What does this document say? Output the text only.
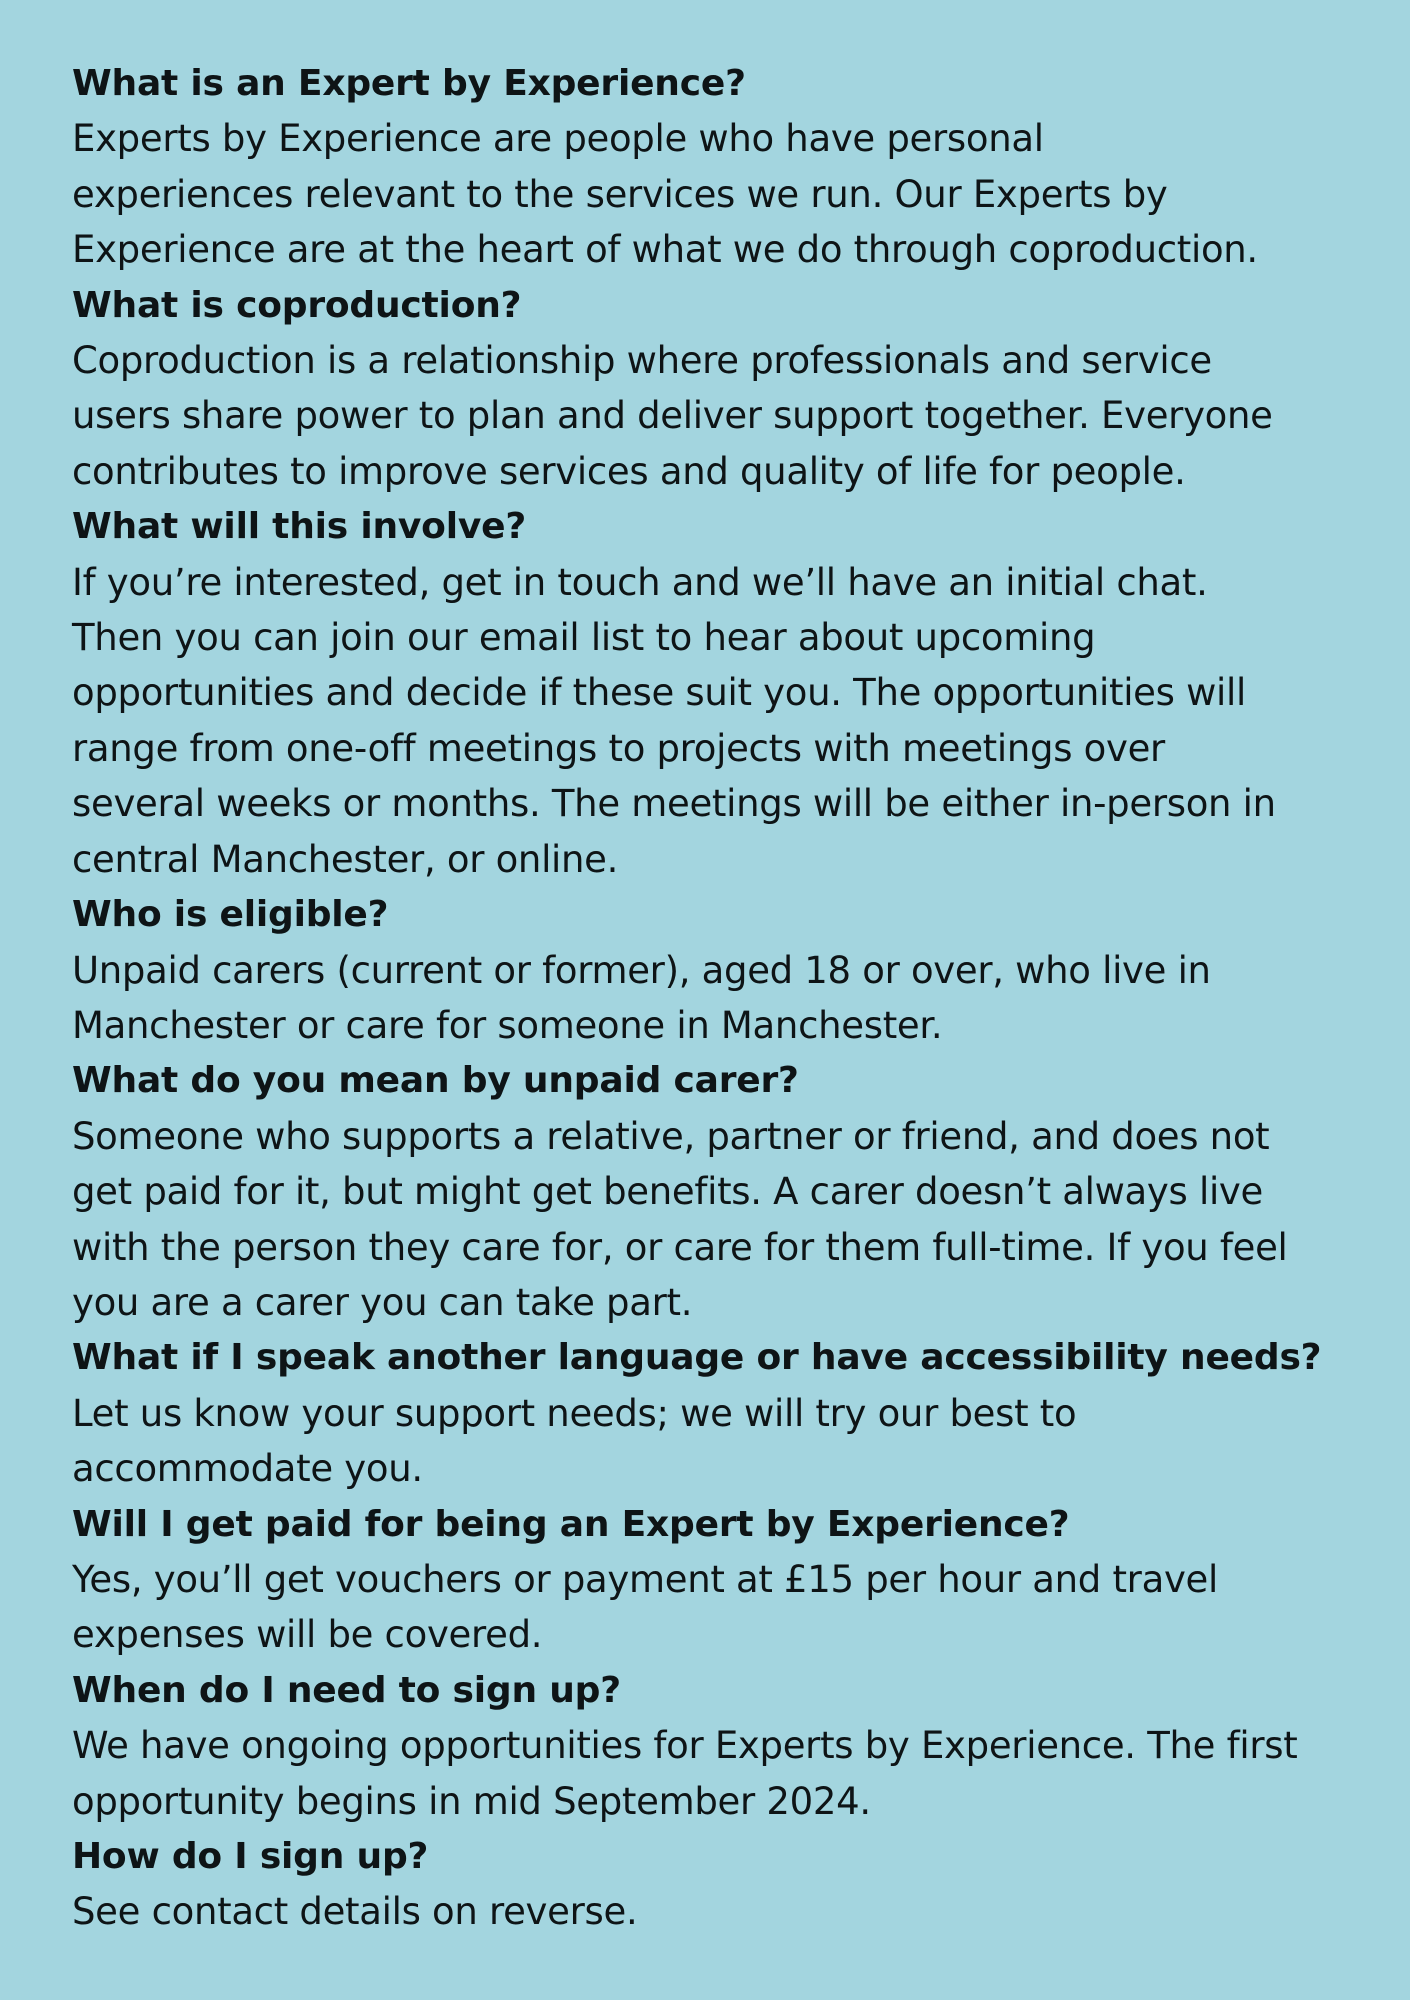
What is an Expert by Experience?

Experts by Experience are people who have personal
experiences relevant to the services we run. Our Experts by
Experience are at the heart of what we do through coproduction.

What is coproduction?

Coproduction is a relationship where professionals and service
users share power to plan and deliver support together. Everyone
contributes to improve services and quality of life for people.

What will this involve?

If you’re interested, get in touch and we’ll have an initial chat.
Then you can join our email list to hear about upcoming
opportunities and decide if these suit you. The opportunities will
range from one-off meetings to projects with meetings over
several weeks or months. The meetings will be either in-person in
central Manchester, or online.

Who is eligible?

Unpaid carers (current or former), aged 18 or over, who live in
Manchester or care for someone in Manchester.

What do you mean by unpaid carer?

Someone who supports a relative, partner or friend, and does not
get paid for it, but might get benefits. A carer doesn’t always live
with the person they care for, or care for them full-time. If you feel
you are a carer you can take part.

What if I speak another language or have accessibility needs?

Let us know your support needs; we will try our best to
accommodate you.

Will I get paid for being an Expert by Experience?

Yes, you’ll get vouchers or payment at £15 per hour and travel
expenses will be covered.

When do I need to sign up?

We have ongoing opportunities for Experts by Experience. The first
opportunity begins in mid September 2024.

How do I sign up?

See contact details on reverse.
